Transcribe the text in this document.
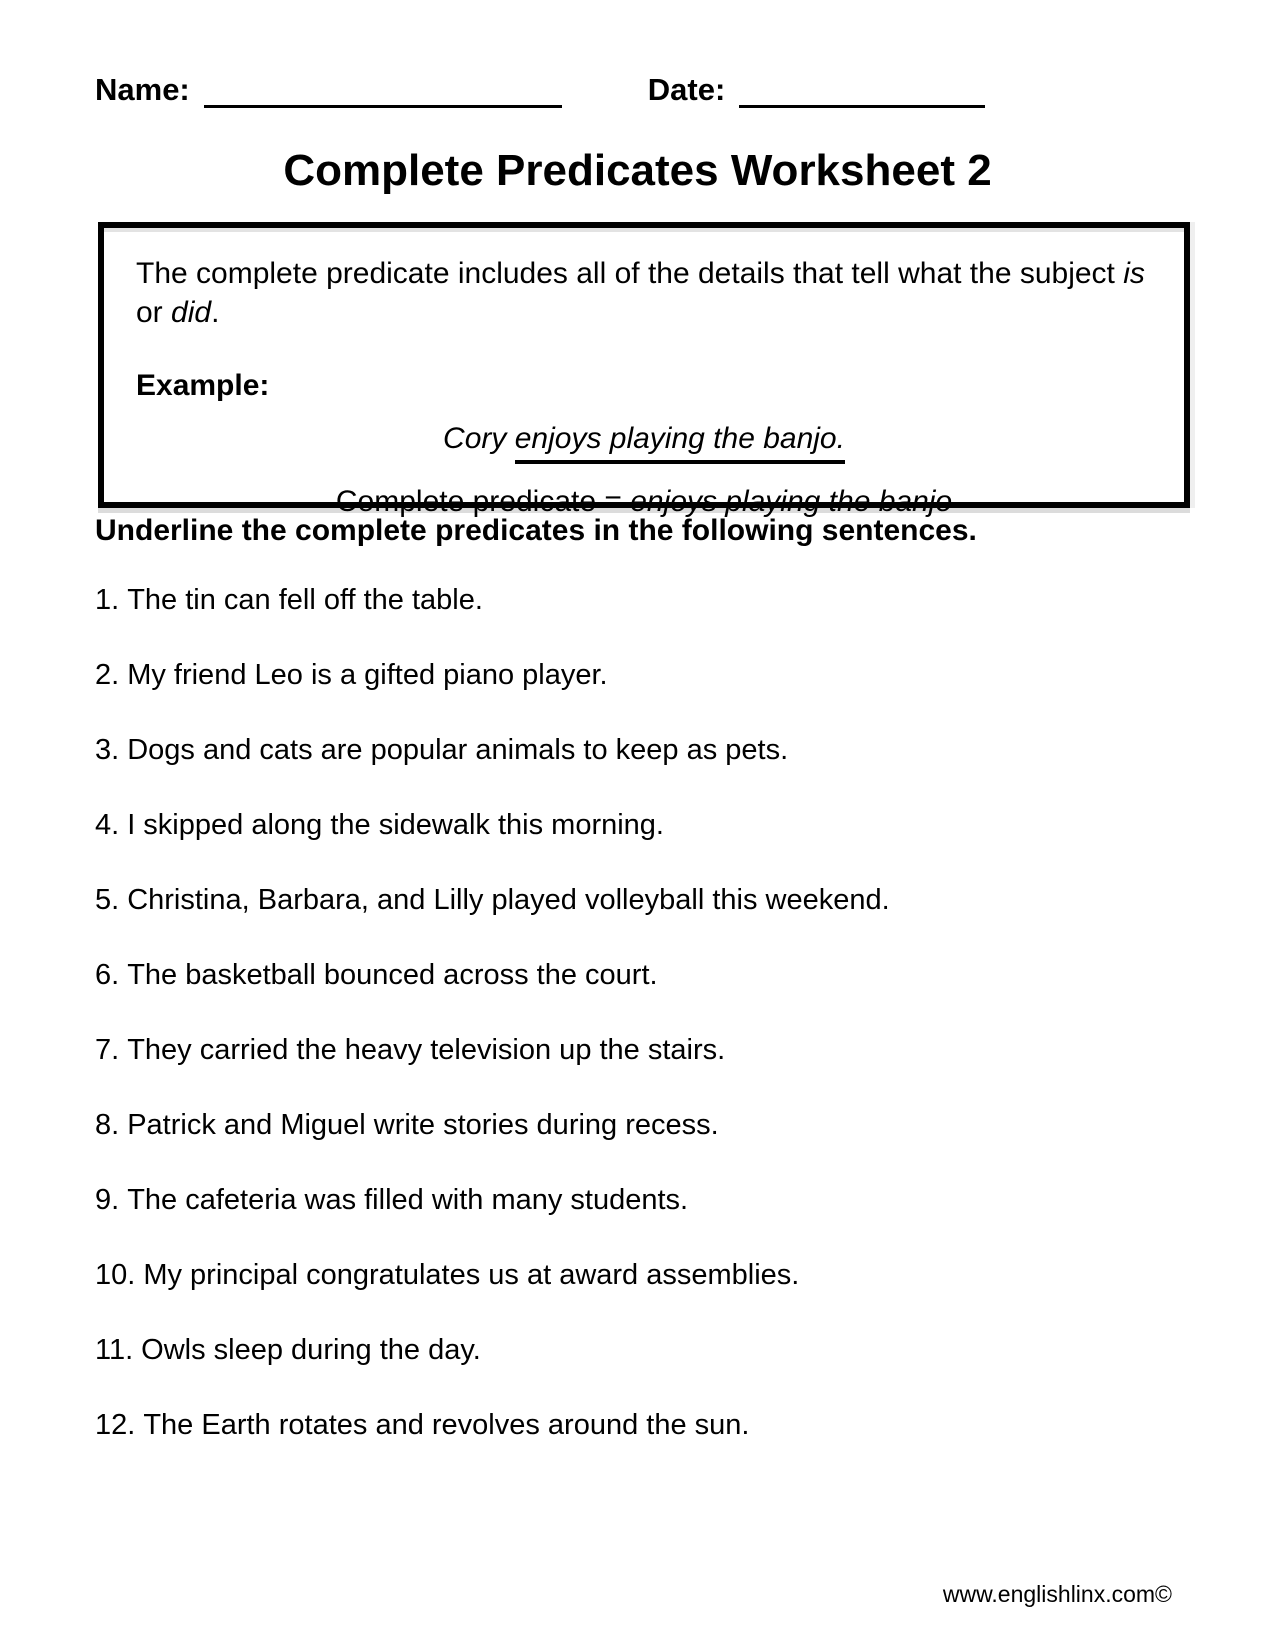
Name:	Date:
Complete Predicates Worksheet 2
The complete predicate includes all of the details that tell what the subject is or did.
Example:
Cory enjoys playing the banjo.
Complete predicate = enjoys playing the banjo
Underline the complete predicates in the following sentences.
1. The tin can fell off the table.
2. My friend Leo is a gifted piano player.
3. Dogs and cats are popular animals to keep as pets.
4. I skipped along the sidewalk this morning.
5. Christina, Barbara, and Lilly played volleyball this weekend.
6. The basketball bounced across the court.
7. They carried the heavy television up the stairs.
8. Patrick and Miguel write stories during recess.
9. The cafeteria was filled with many students.
10. My principal congratulates us at award assemblies.
11. Owls sleep during the day.
12. The Earth rotates and revolves around the sun.
www.englishlinx.com©
